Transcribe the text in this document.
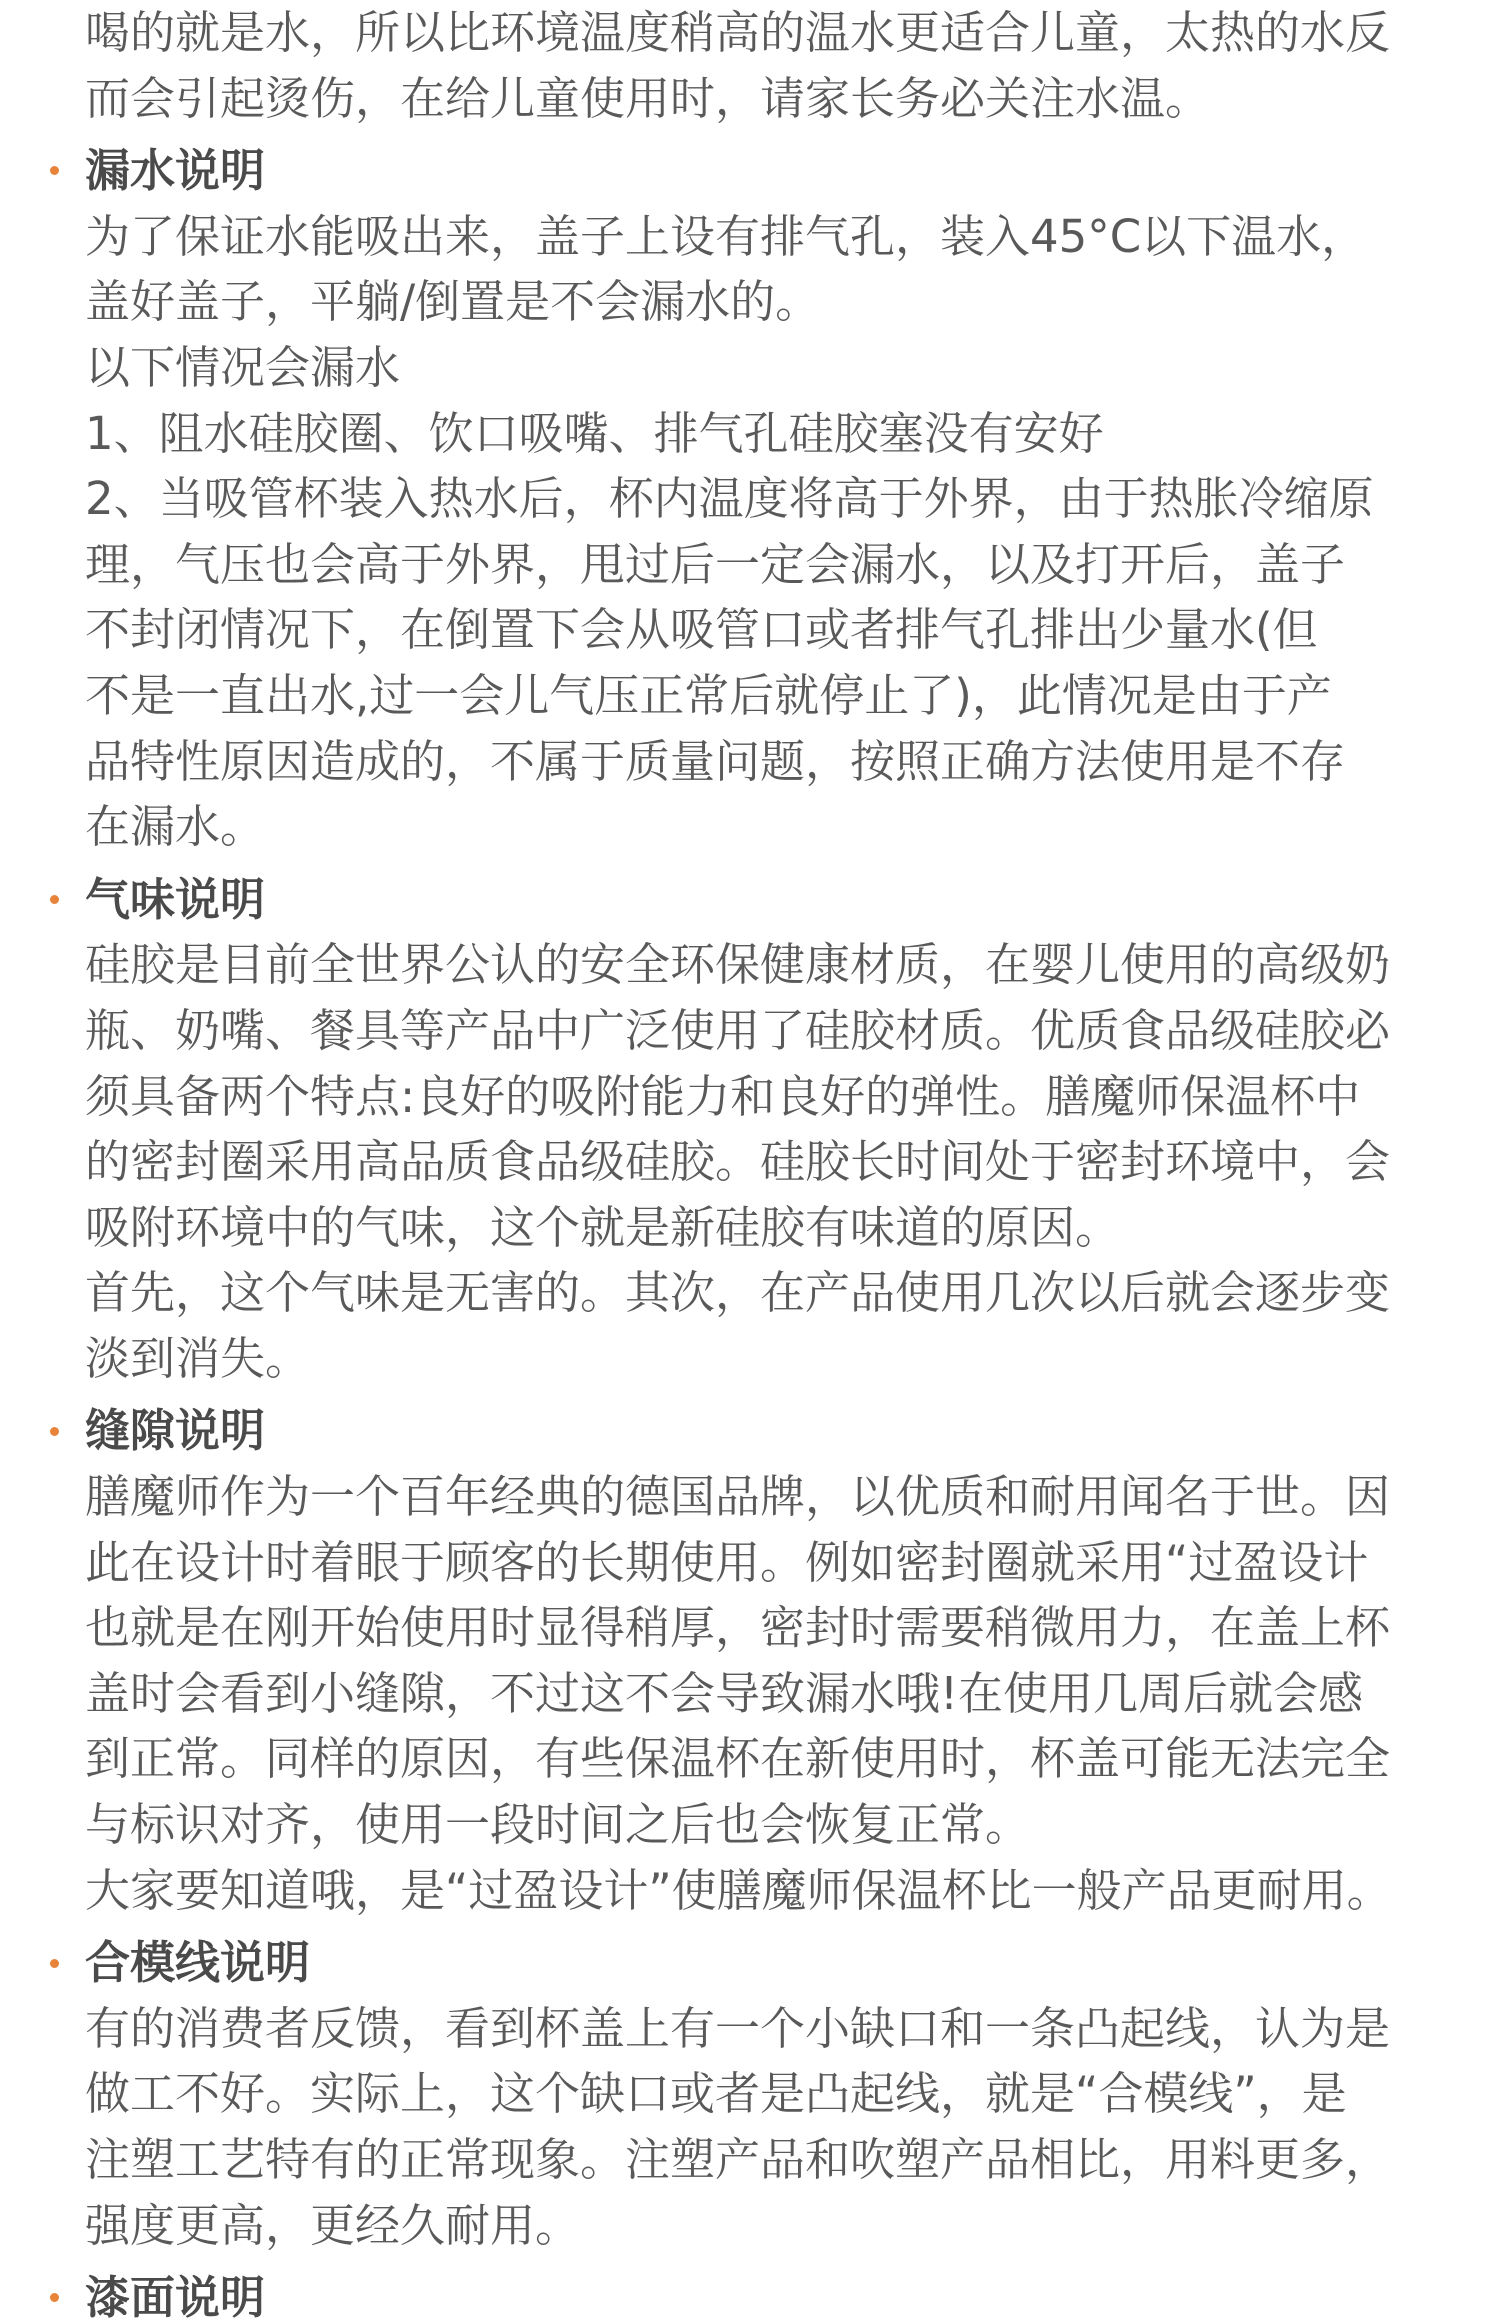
喝的就是水，所以比环境温度稍高的温水更适合儿童，太热的水反
而会引起烫伤，在给儿童使用时，请家长务必关注水温。
漏水说明
为了保证水能吸出来，盖子上设有排气孔，装入45°C以下温水，
盖好盖子，平躺/倒置是不会漏水的。
以下情况会漏水
1、阻水硅胶圈、饮口吸嘴、排气孔硅胶塞没有安好
2、当吸管杯装入热水后，杯内温度将高于外界，由于热胀冷缩原
理，气压也会高于外界，甩过后一定会漏水，以及打开后，盖子
不封闭情况下，在倒置下会从吸管口或者排气孔排出少量水(但
不是一直出水,过一会儿气压正常后就停止了)，此情况是由于产
品特性原因造成的，不属于质量问题，按照正确方法使用是不存
在漏水。
气味说明
硅胶是目前全世界公认的安全环保健康材质，在婴儿使用的高级奶
瓶、奶嘴、餐具等产品中广泛使用了硅胶材质。优质食品级硅胶必
须具备两个特点:良好的吸附能力和良好的弹性。膳魔师保温杯中
的密封圈采用高品质食品级硅胶。硅胶长时间处于密封环境中，会
吸附环境中的气味，这个就是新硅胶有味道的原因。
首先，这个气味是无害的。其次，在产品使用几次以后就会逐步变
淡到消失。
缝隙说明
膳魔师作为一个百年经典的德国品牌，以优质和耐用闻名于世。因
此在设计时着眼于顾客的长期使用。例如密封圈就采用“过盈设计
也就是在刚开始使用时显得稍厚，密封时需要稍微用力，在盖上杯
盖时会看到小缝隙，不过这不会导致漏水哦!在使用几周后就会感
到正常。同样的原因，有些保温杯在新使用时，杯盖可能无法完全
与标识对齐，使用一段时间之后也会恢复正常。
大家要知道哦，是“过盈设计”使膳魔师保温杯比一般产品更耐用。
合模线说明
有的消费者反馈，看到杯盖上有一个小缺口和一条凸起线，认为是
做工不好。实际上，这个缺口或者是凸起线，就是“合模线”，是
注塑工艺特有的正常现象。注塑产品和吹塑产品相比，用料更多，
强度更高，更经久耐用。
漆面说明
